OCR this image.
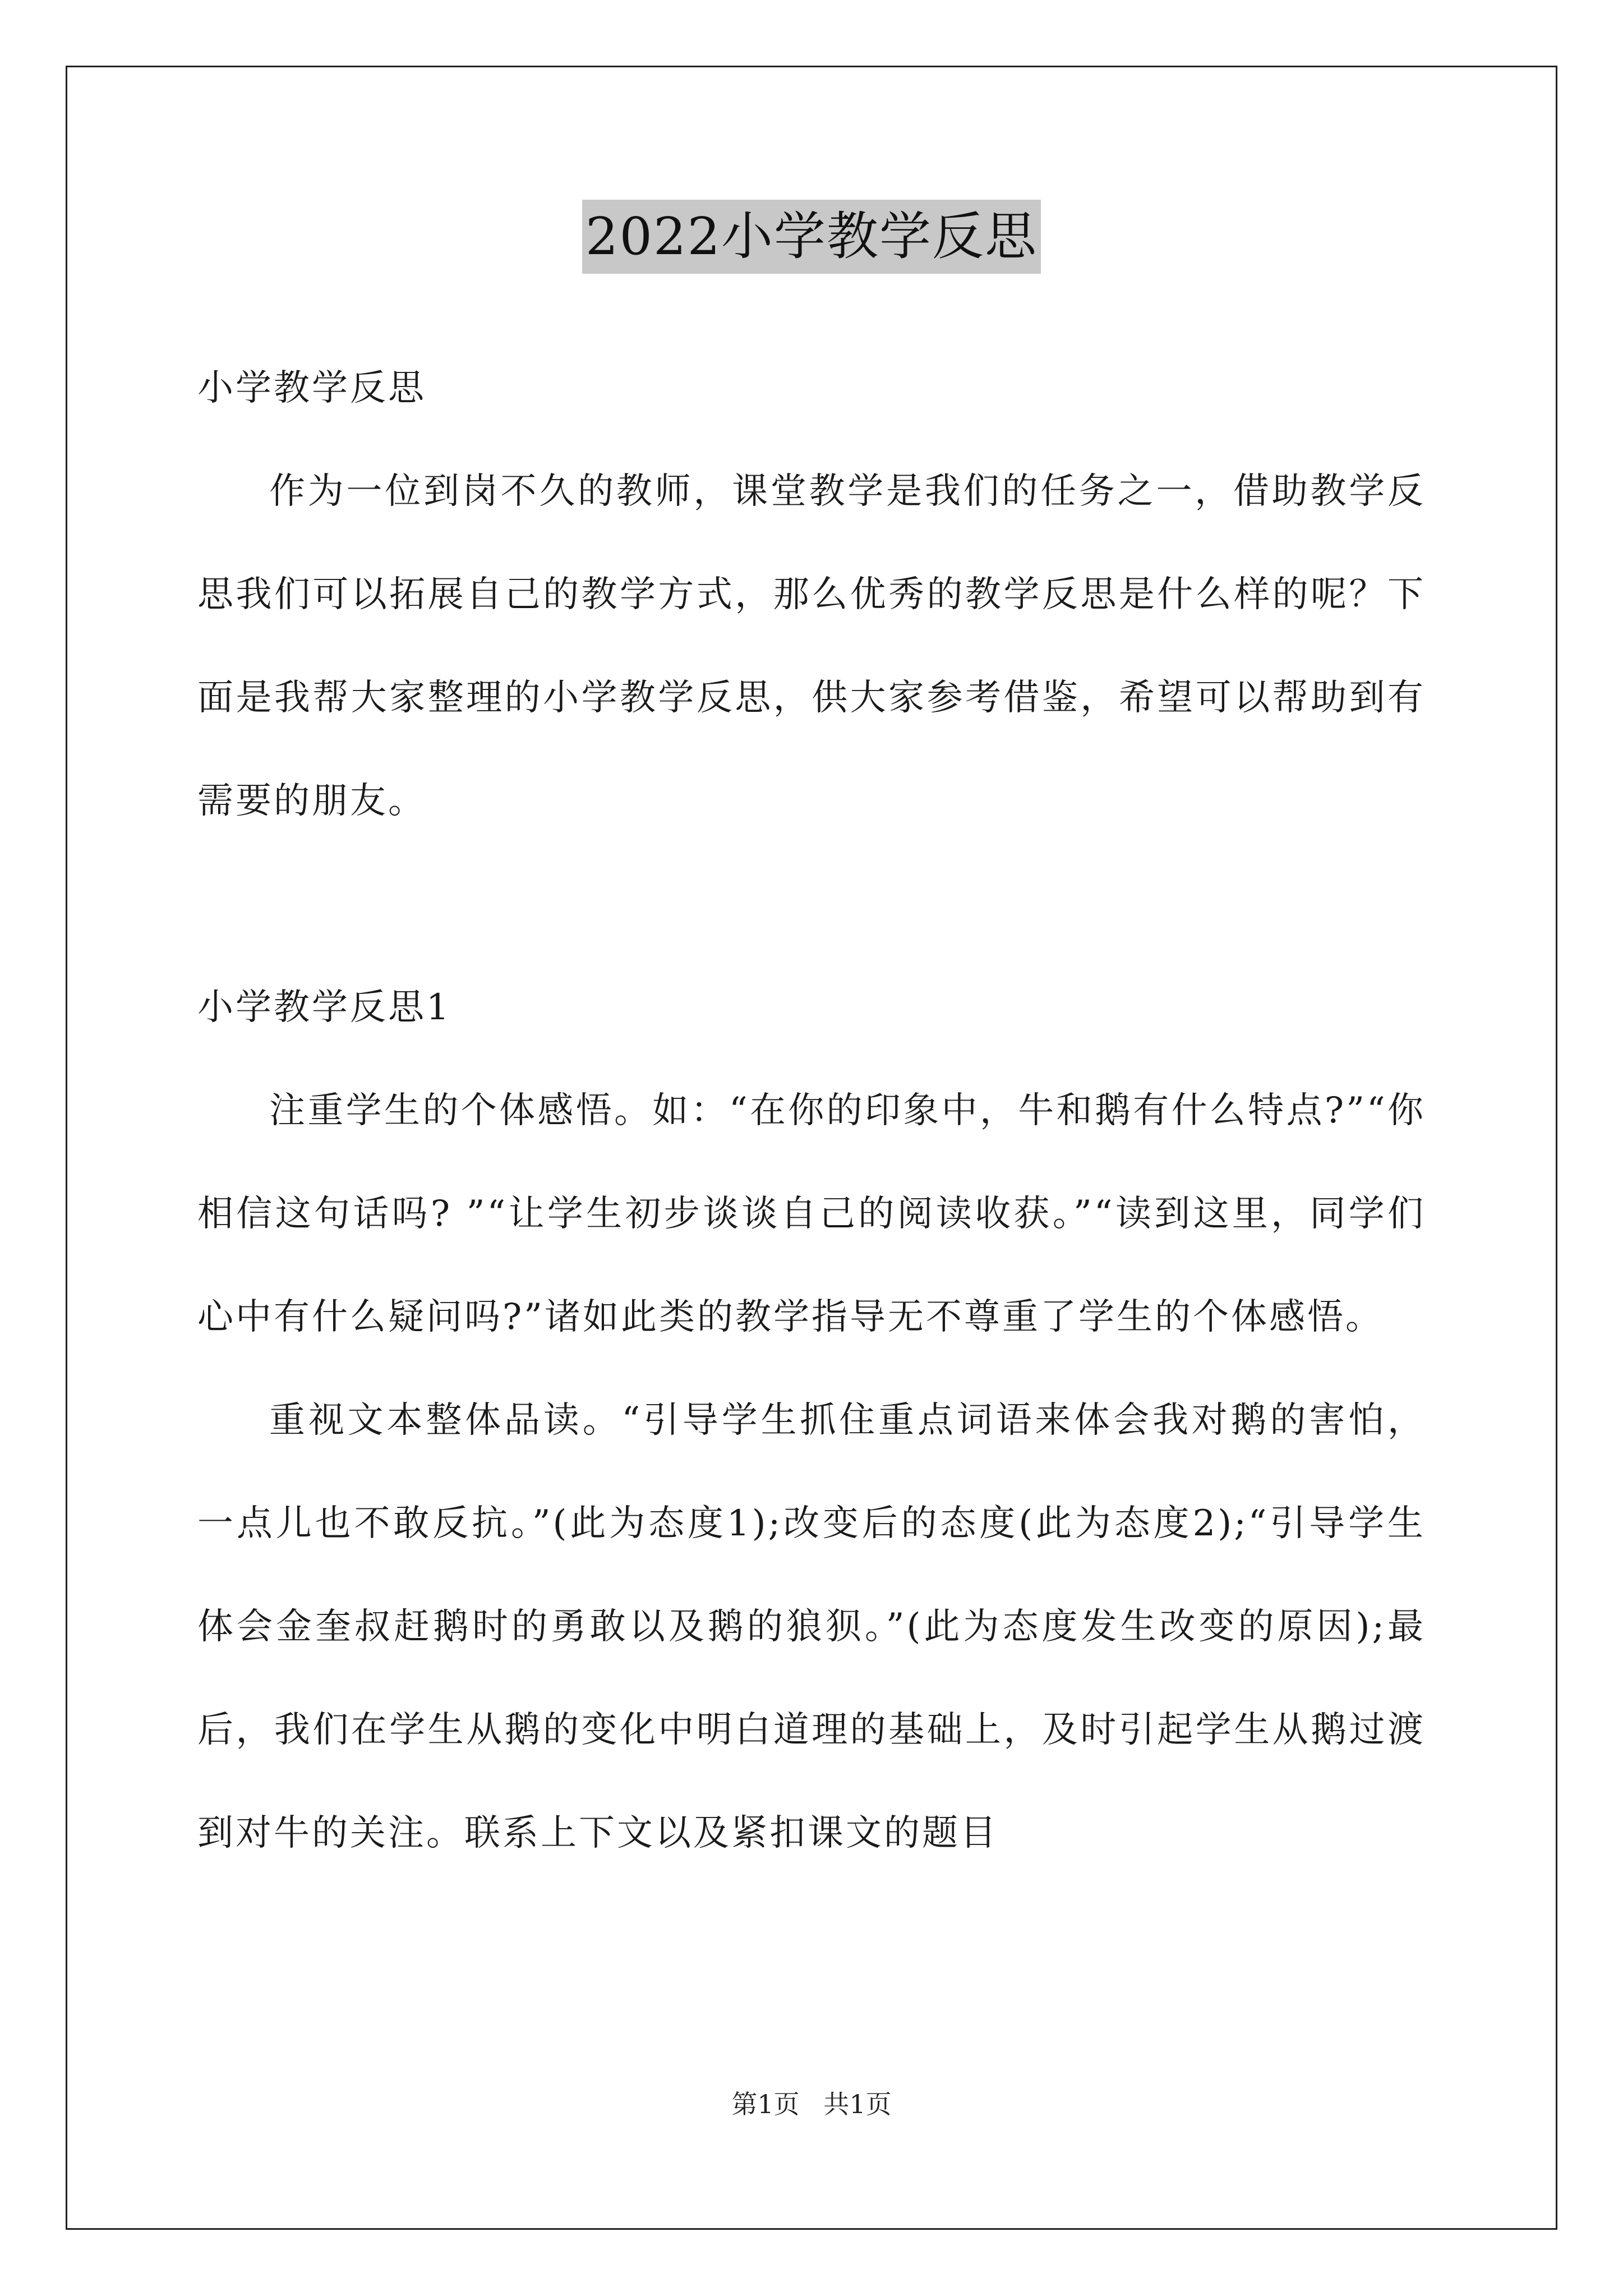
2022小学教学反思

小学教学反思

作为一位到岗不久的教师，课堂教学是我们的任务之一，借助教学反思我们可以拓展自己的教学方式，那么优秀的教学反思是什么样的呢？下面是我帮大家整理的小学教学反思，供大家参考借鉴，希望可以帮助到有需要的朋友。

小学教学反思1

注重学生的个体感悟。如：“在你的印象中，牛和鹅有什么特点?”“你相信这句话吗? ”“让学生初步谈谈自己的阅读收获。”“读到这里，同学们心中有什么疑问吗?”诸如此类的教学指导无不尊重了学生的个体感悟。

重视文本整体品读。“引导学生抓住重点词语来体会我对鹅的害怕，一点儿也不敢反抗。”(此为态度1);改变后的态度(此为态度2);“引导学生体会金奎叔赶鹅时的勇敢以及鹅的狼狈。”(此为态度发生改变的原因);最后，我们在学生从鹅的变化中明白道理的基础上，及时引起学生从鹅过渡到对牛的关注。联系上下文以及紧扣课文的题目

第1页 共1页
